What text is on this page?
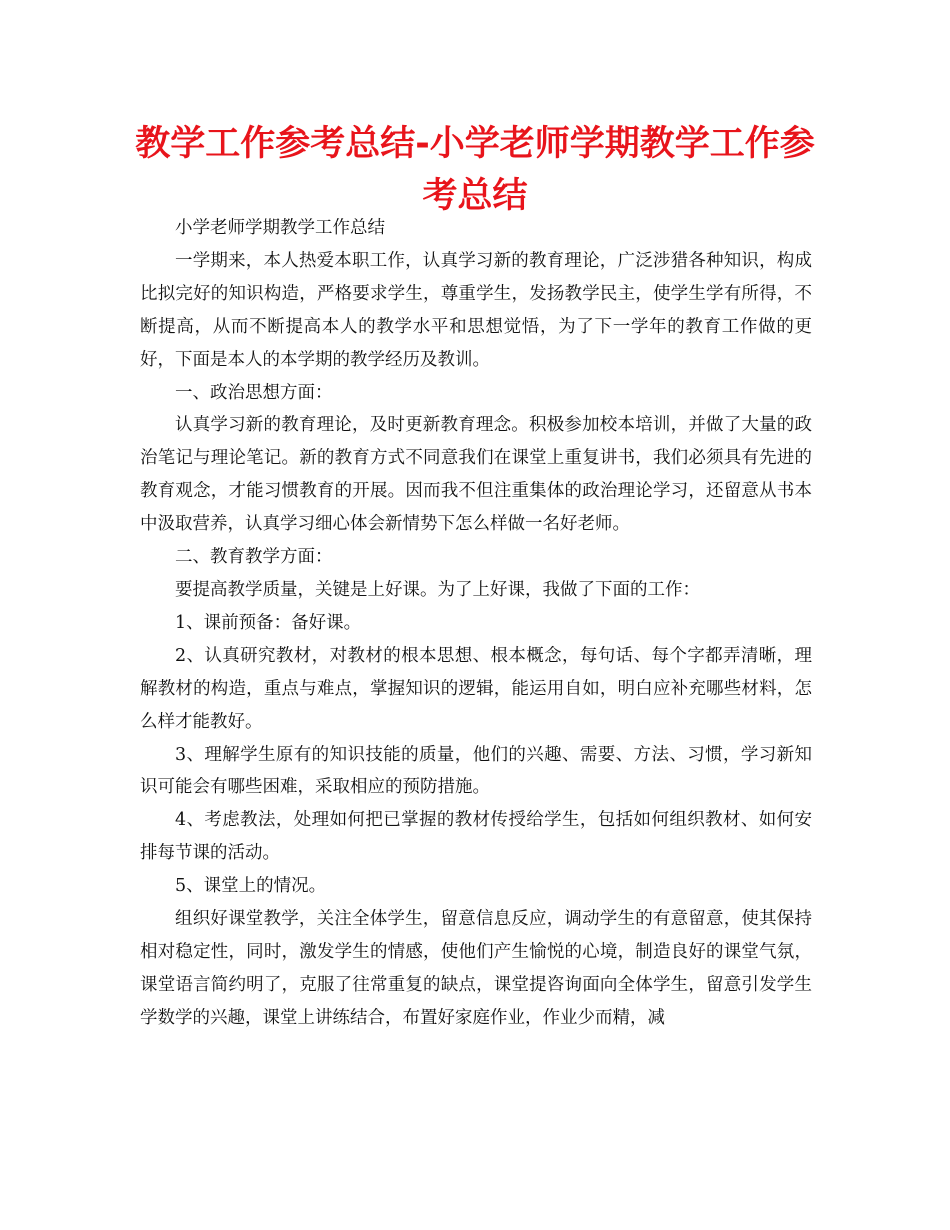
教学工作参考总结-小学老师学期教学工作参考总结

小学老师学期教学工作总结

一学期来，本人热爱本职工作，认真学习新的教育理论，广泛涉猎各种知识，构成比拟完好的知识构造，严格要求学生，尊重学生，发扬教学民主，使学生学有所得，不断提高，从而不断提高本人的教学水平和思想觉悟，为了下一学年的教育工作做的更好，下面是本人的本学期的教学经历及教训。

一、政治思想方面：

认真学习新的教育理论，及时更新教育理念。积极参加校本培训，并做了大量的政治笔记与理论笔记。新的教育方式不同意我们在课堂上重复讲书，我们必须具有先进的教育观念，才能习惯教育的开展。因而我不但注重集体的政治理论学习，还留意从书本中汲取营养，认真学习细心体会新情势下怎么样做一名好老师。

二、教育教学方面：

要提高教学质量，关键是上好课。为了上好课，我做了下面的工作：

1、课前预备：备好课。

2、认真研究教材，对教材的根本思想、根本概念，每句话、每个字都弄清晰，理解教材的构造，重点与难点，掌握知识的逻辑，能运用自如，明白应补充哪些材料，怎么样才能教好。

3、理解学生原有的知识技能的质量，他们的兴趣、需要、方法、习惯，学习新知识可能会有哪些困难，采取相应的预防措施。

4、考虑教法，处理如何把已掌握的教材传授给学生，包括如何组织教材、如何安排每节课的活动。

5、课堂上的情况。

组织好课堂教学，关注全体学生，留意信息反应，调动学生的有意留意，使其保持相对稳定性，同时，激发学生的情感，使他们产生愉悦的心境，制造良好的课堂气氛，课堂语言简约明了，克服了往常重复的缺点，课堂提咨询面向全体学生，留意引发学生学数学的兴趣，课堂上讲练结合，布置好家庭作业，作业少而精，减
